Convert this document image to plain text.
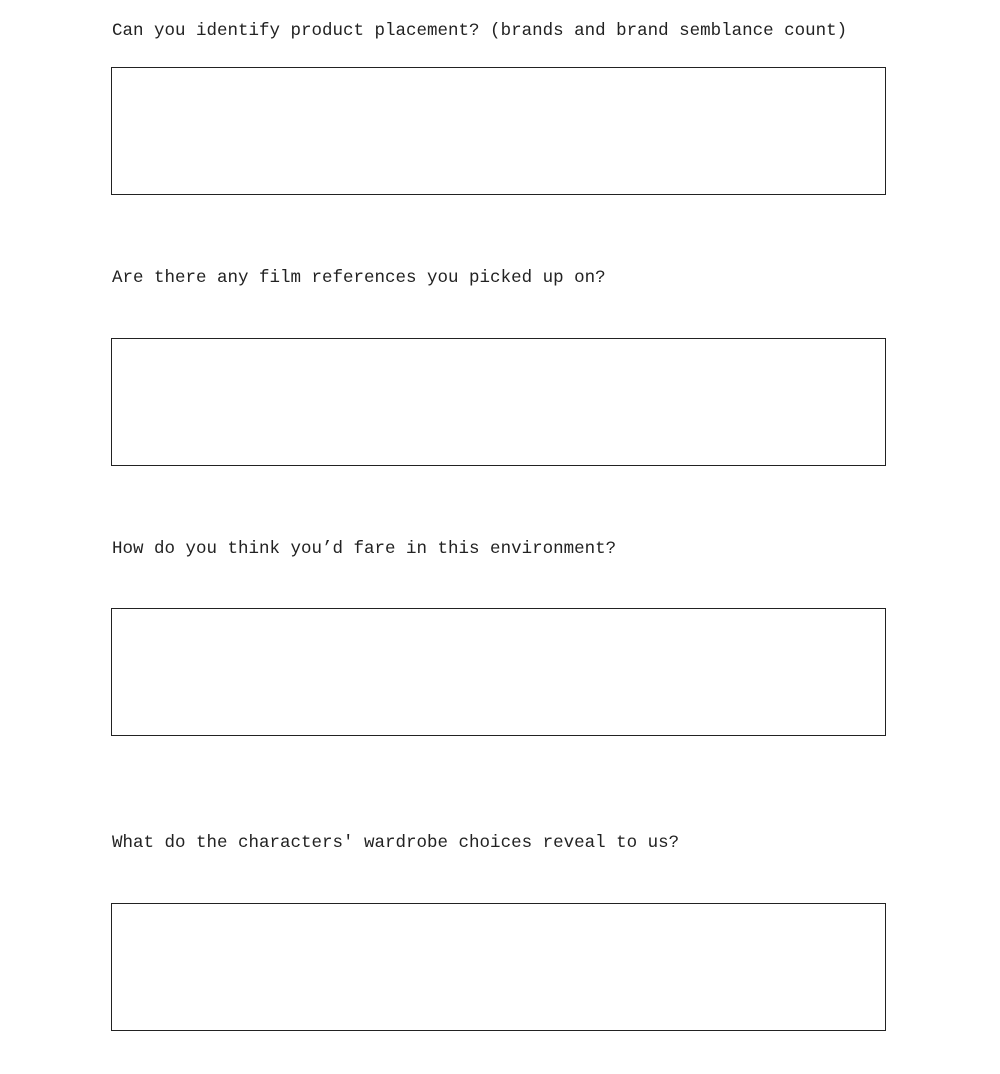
Can you identify product placement? (brands and brand semblance count)

Are there any film references you picked up on?

How do you think you’d fare in this environment?

What do the characters' wardrobe choices reveal to us?
